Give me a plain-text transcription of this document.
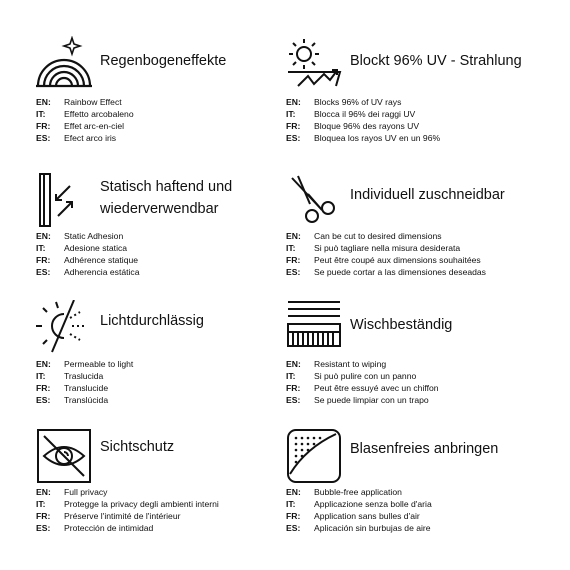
Regenbogeneffekte
EN: Rainbow Effect
IT: Effetto arcobaleno
FR: Effet arc-en-ciel
ES: Efect arco iris
Blockt 96% UV - Strahlung
EN: Blocks 96% of UV rays
IT: Blocca il 96% dei raggi UV
FR: Bloque 96% des rayons UV
ES: Bloquea los rayos UV en un 96%
Statisch haftend und
wiederverwendbar
EN: Static Adhesion
IT: Adesione statica
FR: Adhérence statique
ES: Adherencia estática
Individuell zuschneidbar
EN: Can be cut to desired dimensions
IT: Si può tagliare nella misura desiderata
FR: Peut être coupé aux dimensions souhaitées
ES: Se puede cortar a las dimensiones deseadas
Lichtdurchlässig
EN: Permeable to light
IT: Traslucida
FR: Translucide
ES: Translúcida
Wischbeständig
EN: Resistant to wiping
IT: Si può pulire con un panno
FR: Peut être essuyé avec un chiffon
ES: Se puede limpiar con un trapo
Sichtschutz
EN: Full privacy
IT: Protegge la privacy degli ambienti interni
FR: Préserve l'intimité de l'intérieur
ES: Protección de intimidad
Blasenfreies anbringen
EN: Bubble-free application
IT: Applicazione senza bolle d'aria
FR: Application sans bulles d'air
ES: Aplicación sin burbujas de aire
